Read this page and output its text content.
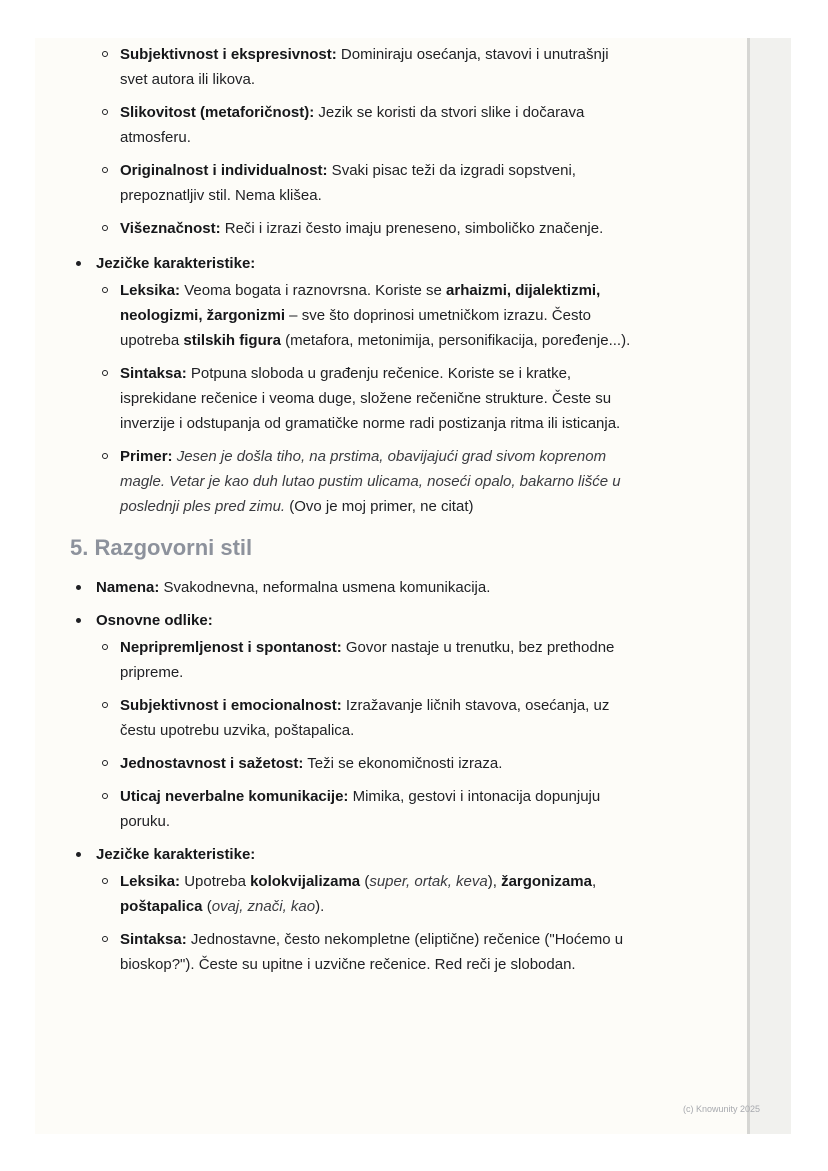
Subjektivnost i ekspresivnost: Dominiraju osećanja, stavovi i unutrašnji svet autora ili likova.
Slikovitost (metaforičnost): Jezik se koristi da stvori slike i dočarava atmosferu.
Originalnost i individualnost: Svaki pisac teži da izgradi sopstveni, prepoznatljiv stil. Nema klišea.
Višeznačnost: Reči i izrazi često imaju preneseno, simboličko značenje.
Jezičke karakteristike:
Leksika: Veoma bogata i raznovrsna. Koriste se arhaizmi, dijalektizmi, neologizmi, žargonizmi – sve što doprinosi umetničkom izrazu. Često upotreba stilskih figura (metafora, metonimija, personifikacija, poređenje...).
Sintaksa: Potpuna sloboda u građenju rečenice. Koriste se i kratke, isprekidane rečenice i veoma duge, složene rečenične strukture. Česte su inverzije i odstupanja od gramatičke norme radi postizanja ritma ili isticanja.
Primer: Jesen je došla tiho, na prstima, obavijajući grad sivom koprenom magle. Vetar je kao duh lutao pustim ulicama, noseći opalo, bakarno lišće u poslednji ples pred zimu. (Ovo je moj primer, ne citat)
5. Razgovorni stil
Namena: Svakodnevna, neformalna usmena komunikacija.
Osnovne odlike:
Nepripremljenost i spontanost: Govor nastaje u trenutku, bez prethodne pripreme.
Subjektivnost i emocionalnost: Izražavanje ličnih stavova, osećanja, uz čestu upotrebu uzvika, poštapalica.
Jednostavnost i sažetost: Teži se ekonomičnosti izraza.
Uticaj neverbalne komunikacije: Mimika, gestovi i intonacija dopunjuju poruku.
Jezičke karakteristike:
Leksika: Upotreba kolokvijalizama (super, ortak, keva), žargonizama, poštapalica (ovaj, znači, kao).
Sintaksa: Jednostavne, često nekompletne (eliptične) rečenice ("Hoćemo u bioskop?"). Česte su upitne i uzvične rečenice. Red reči je slobodan.
(c) Knowunity 2025
